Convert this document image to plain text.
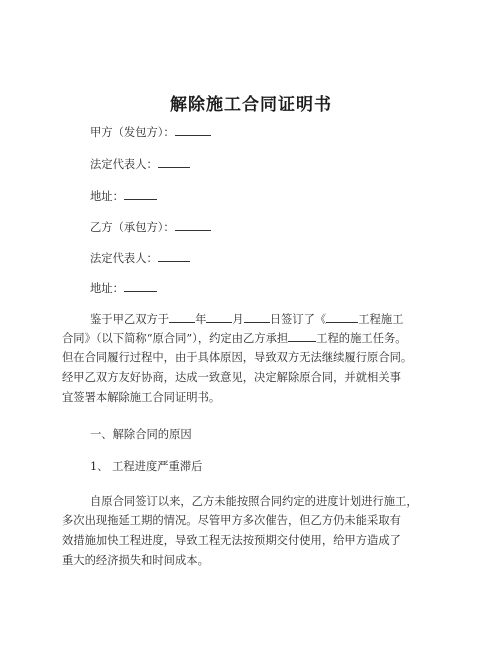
解除施工合同证明书
甲方（发包方）：
法定代表人：
地址：
乙方（承包方）：
法定代表人：
地址：
鉴于甲乙双方于 年 月 日签订了《	工程施工
合同》（以下简称“原合同”），约定由乙方承担 工程的施工任务。
但在合同履行过程中，由于具体原因，导致双方无法继续履行原合同。
经甲乙双方友好协商，达成一致意见，决定解除原合同，并就相关事
宜签署本解除施工合同证明书。
一、解除合同的原因
1、 工程进度严重滞后
自原合同签订以来，乙方未能按照合同约定的进度计划进行施工，
多次出现拖延工期的情况。尽管甲方多次催告，但乙方仍未能采取有
效措施加快工程进度，导致工程无法按预期交付使用，给甲方造成了
重大的经济损失和时间成本。
